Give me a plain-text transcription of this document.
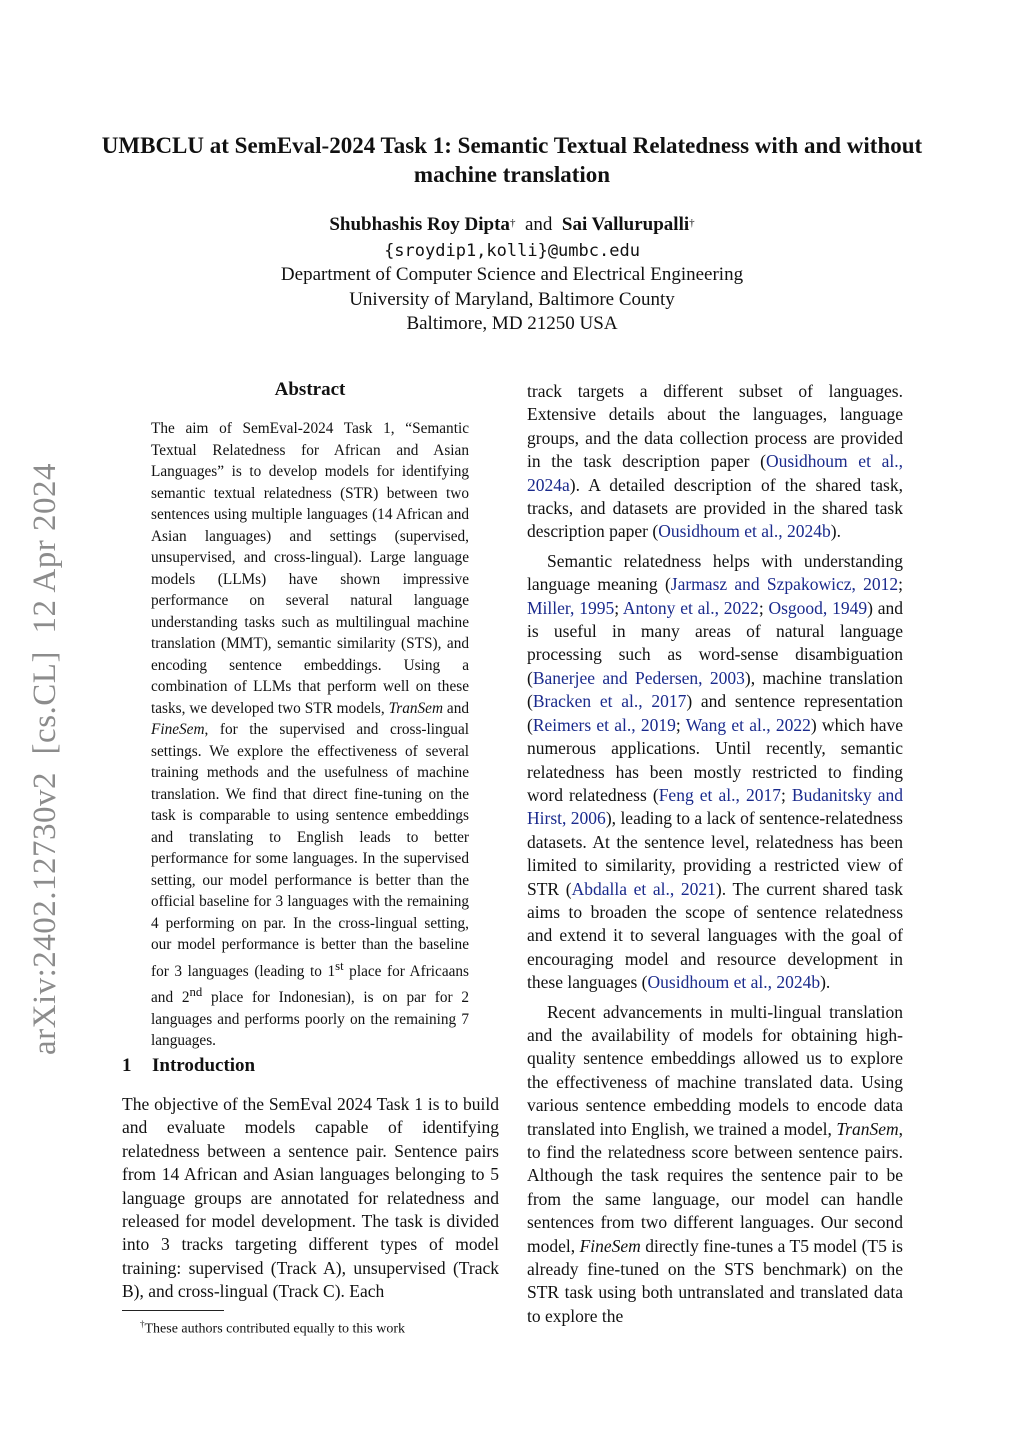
UMBCLU at SemEval-2024 Task 1: Semantic Textual Relatedness with and without machine translation
Shubhashis Roy Dipta† and Sai Vallurupalli†
{sroydip1,kolli}@umbc.edu
Department of Computer Science and Electrical Engineering
University of Maryland, Baltimore County
Baltimore, MD 21250 USA
arXiv:2402.12730v2  [cs.CL]  12 Apr 2024
Abstract
The aim of SemEval-2024 Task 1, “Semantic Textual Relatedness for African and Asian Languages” is to develop models for identifying semantic textual relatedness (STR) between two sentences using multiple languages (14 African and Asian languages) and settings (supervised, unsupervised, and cross-lingual). Large language models (LLMs) have shown impressive performance on several natural language understanding tasks such as multilingual machine translation (MMT), semantic similarity (STS), and encoding sentence embeddings. Using a combination of LLMs that perform well on these tasks, we developed two STR models, TranSem and FineSem, for the supervised and cross-lingual settings. We explore the effectiveness of several training methods and the usefulness of machine translation. We find that direct fine-tuning on the task is comparable to using sentence embeddings and translating to English leads to better performance for some languages. In the supervised setting, our model performance is better than the official baseline for 3 languages with the remaining 4 performing on par. In the cross-lingual setting, our model performance is better than the baseline for 3 languages (leading to 1st place for Africaans and 2nd place for Indonesian), is on par for 2 languages and performs poorly on the remaining 7 languages.
1 Introduction
The objective of the SemEval 2024 Task 1 is to build and evaluate models capable of identifying relatedness between a sentence pair. Sentence pairs from 14 African and Asian languages belonging to 5 language groups are annotated for relatedness and released for model development. The task is divided into 3 tracks targeting different types of model training: supervised (Track A), unsupervised (Track B), and cross-lingual (Track C). Each
†These authors contributed equally to this work

track targets a different subset of languages. Extensive details about the languages, language groups, and the data collection process are provided in the task description paper (Ousidhoum et al., 2024a). A detailed description of the shared task, tracks, and datasets are provided in the shared task description paper (Ousidhoum et al., 2024b).

Semantic relatedness helps with understanding language meaning (Jarmasz and Szpakowicz, 2012; Miller, 1995; Antony et al., 2022; Osgood, 1949) and is useful in many areas of natural language processing such as word-sense disambiguation (Banerjee and Pedersen, 2003), machine translation (Bracken et al., 2017) and sentence representation (Reimers et al., 2019; Wang et al., 2022) which have numerous applications. Until recently, semantic relatedness has been mostly restricted to finding word relatedness (Feng et al., 2017; Budanitsky and Hirst, 2006), leading to a lack of sentence-relatedness datasets. At the sentence level, relatedness has been limited to similarity, providing a restricted view of STR (Abdalla et al., 2021). The current shared task aims to broaden the scope of sentence relatedness and extend it to several languages with the goal of encouraging model and resource development in these languages (Ousidhoum et al., 2024b).

Recent advancements in multi-lingual translation and the availability of models for obtaining high-quality sentence embeddings allowed us to explore the effectiveness of machine translated data. Using various sentence embedding models to encode data translated into English, we trained a model, TranSem, to find the relatedness score between sentence pairs. Although the task requires the sentence pair to be from the same language, our model can handle sentences from two different languages. Our second model, FineSem directly fine-tunes a T5 model (T5 is already fine-tuned on the STS benchmark) on the STR task using both untranslated and translated data to explore the
